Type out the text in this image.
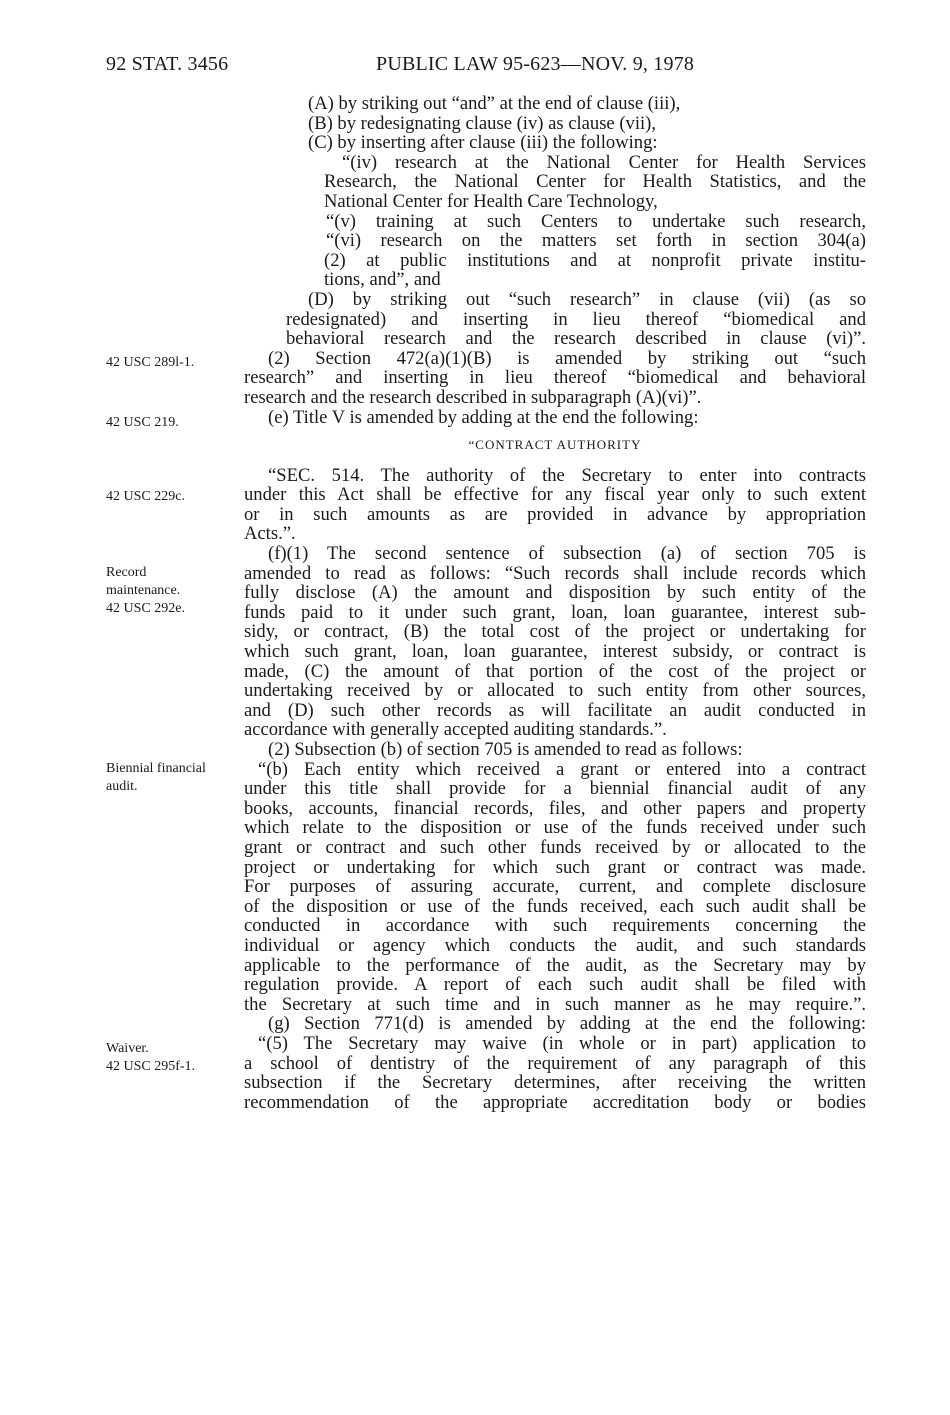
92 STAT. 3456	PUBLIC LAW 95-623—NOV. 9, 1978
42 USC 289l-1.
42 USC 219.
42 USC 229c.
Record
maintenance.
42 USC 292e.
Biennial financial
audit.
Waiver.
42 USC 295f-1.
(A) by striking out “and” at the end of clause (iii),
(B) by redesignating clause (iv) as clause (vii),
(C) by inserting after clause (iii) the following:
“(iv) research at the National Center for Health Services
Research, the National Center for Health Statistics, and the
National Center for Health Care Technology,
“(v) training at such Centers to undertake such research,
“(vi) research on the matters set forth in section 304(a)
(2) at public institutions and at nonprofit private institu-
tions, and”, and
(D) by striking out “such research” in clause (vii) (as so
redesignated) and inserting in lieu thereof “biomedical and
behavioral research and the research described in clause (vi)”.
(2) Section 472(a)(1)(B) is amended by striking out “such
research” and inserting in lieu thereof “biomedical and behavioral
research and the research described in subparagraph (A)(vi)”.
(e) Title V is amended by adding at the end the following:
“CONTRACT AUTHORITY
“SEC. 514. The authority of the Secretary to enter into contracts
under this Act shall be effective for any fiscal year only to such extent
or in such amounts as are provided in advance by appropriation
Acts.”.
(f)(1) The second sentence of subsection (a) of section 705 is
amended to read as follows: “Such records shall include records which
fully disclose (A) the amount and disposition by such entity of the
funds paid to it under such grant, loan, loan guarantee, interest sub-
sidy, or contract, (B) the total cost of the project or undertaking for
which such grant, loan, loan guarantee, interest subsidy, or contract is
made, (C) the amount of that portion of the cost of the project or
undertaking received by or allocated to such entity from other sources,
and (D) such other records as will facilitate an audit conducted in
accordance with generally accepted auditing standards.”.
(2) Subsection (b) of section 705 is amended to read as follows:
“(b) Each entity which received a grant or entered into a contract
under this title shall provide for a biennial financial audit of any
books, accounts, financial records, files, and other papers and property
which relate to the disposition or use of the funds received under such
grant or contract and such other funds received by or allocated to the
project or undertaking for which such grant or contract was made.
For purposes of assuring accurate, current, and complete disclosure
of the disposition or use of the funds received, each such audit shall be
conducted in accordance with such requirements concerning the
individual or agency which conducts the audit, and such standards
applicable to the performance of the audit, as the Secretary may by
regulation provide. A report of each such audit shall be filed with
the Secretary at such time and in such manner as he may require.”.
(g) Section 771(d) is amended by adding at the end the following:
“(5) The Secretary may waive (in whole or in part) application to
a school of dentistry of the requirement of any paragraph of this
subsection if the Secretary determines, after receiving the written
recommendation of the appropriate accreditation body or bodies
